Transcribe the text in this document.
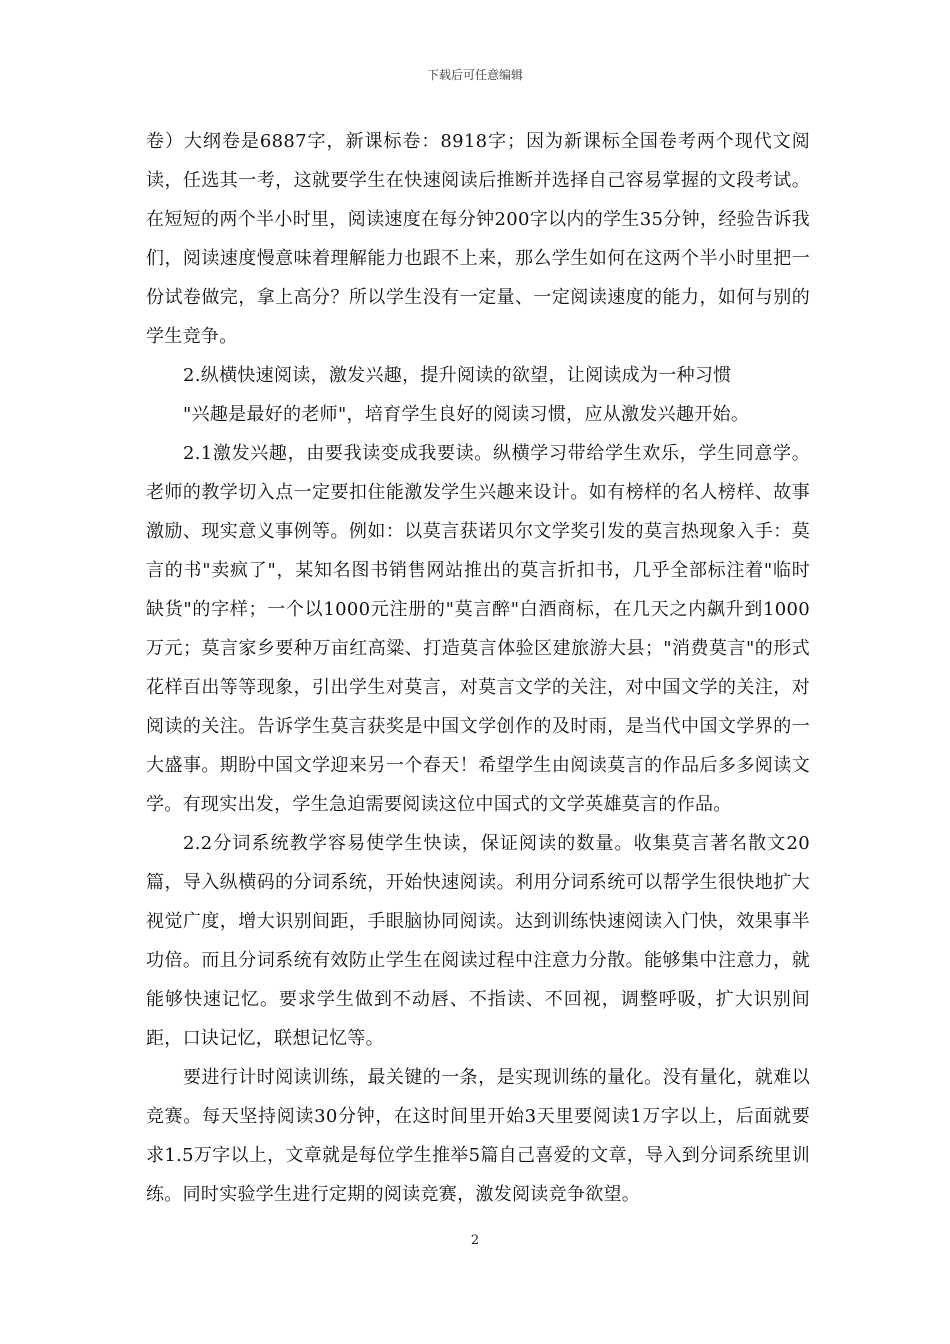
下载后可任意编辑

卷）大纲卷是6887字，新课标卷：8918字；因为新课标全国卷考两个现代文阅读，任选其一考，这就要学生在快速阅读后推断并选择自己容易掌握的文段考试。在短短的两个半小时里，阅读速度在每分钟200字以内的学生35分钟，经验告诉我们，阅读速度慢意味着理解能力也跟不上来，那么学生如何在这两个半小时里把一份试卷做完，拿上高分？所以学生没有一定量、一定阅读速度的能力，如何与别的学生竞争。

2.纵横快速阅读，激发兴趣，提升阅读的欲望，让阅读成为一种习惯

"兴趣是最好的老师"，培育学生良好的阅读习惯，应从激发兴趣开始。

2.1激发兴趣，由要我读变成我要读。纵横学习带给学生欢乐，学生同意学。老师的教学切入点一定要扣住能激发学生兴趣来设计。如有榜样的名人榜样、故事激励、现实意义事例等。例如：以莫言获诺贝尔文学奖引发的莫言热现象入手：莫言的书"卖疯了"，某知名图书销售网站推出的莫言折扣书，几乎全部标注着"临时缺货"的字样；一个以1000元注册的"莫言醉"白酒商标，在几天之内飙升到1000万元；莫言家乡要种万亩红高粱、打造莫言体验区建旅游大县；"消费莫言"的形式花样百出等等现象，引出学生对莫言，对莫言文学的关注，对中国文学的关注，对阅读的关注。告诉学生莫言获奖是中国文学创作的及时雨，是当代中国文学界的一大盛事。期盼中国文学迎来另一个春天！希望学生由阅读莫言的作品后多多阅读文学。有现实出发，学生急迫需要阅读这位中国式的文学英雄莫言的作品。

2.2分词系统教学容易使学生快读，保证阅读的数量。收集莫言著名散文20篇，导入纵横码的分词系统，开始快速阅读。利用分词系统可以帮学生很快地扩大视觉广度，增大识别间距，手眼脑协同阅读。达到训练快速阅读入门快，效果事半功倍。而且分词系统有效防止学生在阅读过程中注意力分散。能够集中注意力，就能够快速记忆。要求学生做到不动唇、不指读、不回视，调整呼吸，扩大识别间距，口诀记忆，联想记忆等。

要进行计时阅读训练，最关键的一条，是实现训练的量化。没有量化，就难以竞赛。每天坚持阅读30分钟，在这时间里开始3天里要阅读1万字以上，后面就要求1.5万字以上，文章就是每位学生推举5篇自己喜爱的文章，导入到分词系统里训练。同时实验学生进行定期的阅读竞赛，激发阅读竞争欲望。

2
